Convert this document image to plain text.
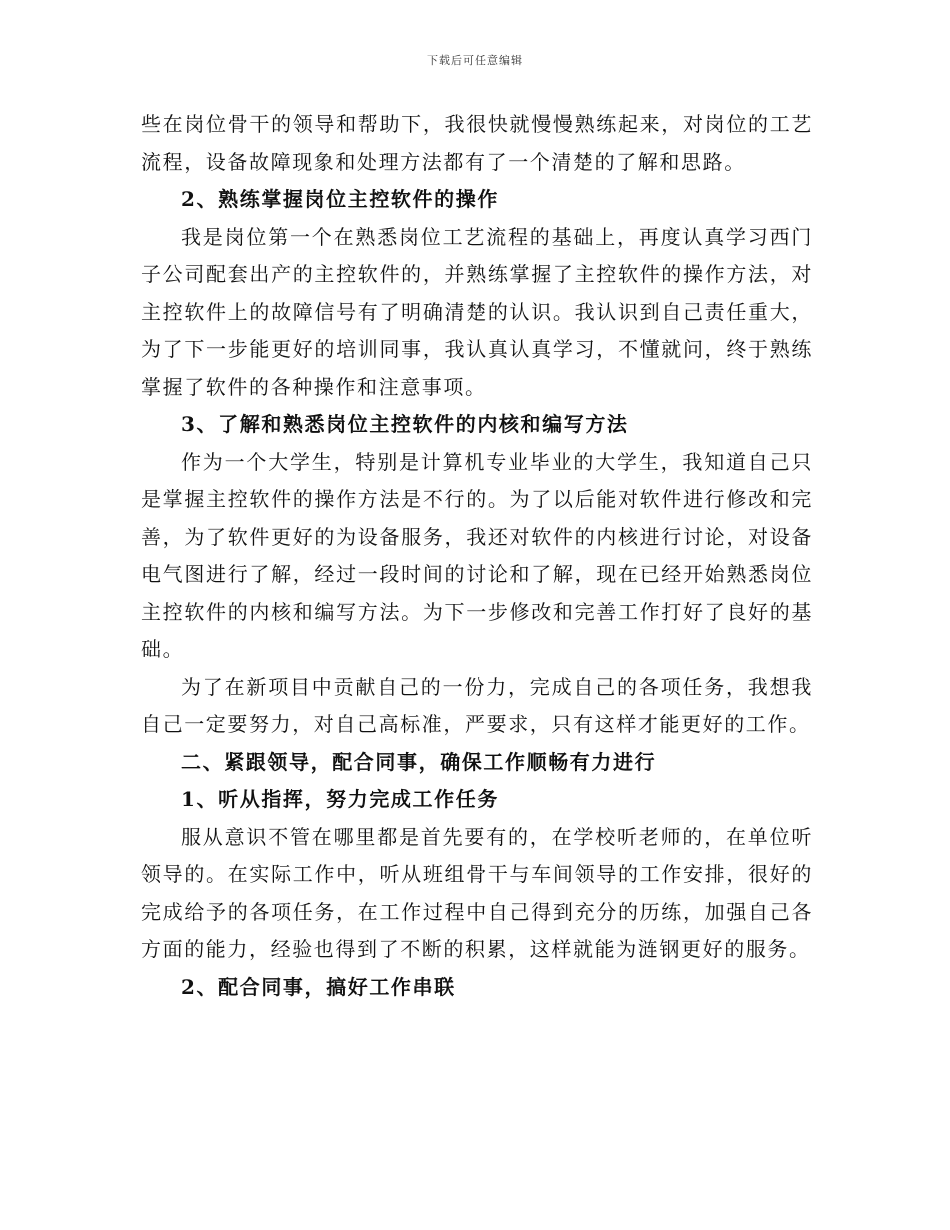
下载后可任意编辑

些在岗位骨干的领导和帮助下，我很快就慢慢熟练起来，对岗位的工艺流程，设备故障现象和处理方法都有了一个清楚的了解和思路。

2、熟练掌握岗位主控软件的操作

我是岗位第一个在熟悉岗位工艺流程的基础上，再度认真学习西门子公司配套出产的主控软件的，并熟练掌握了主控软件的操作方法，对主控软件上的故障信号有了明确清楚的认识。我认识到自己责任重大，为了下一步能更好的培训同事，我认真认真学习，不懂就问，终于熟练掌握了软件的各种操作和注意事项。

3、了解和熟悉岗位主控软件的内核和编写方法

作为一个大学生，特别是计算机专业毕业的大学生，我知道自己只是掌握主控软件的操作方法是不行的。为了以后能对软件进行修改和完善，为了软件更好的为设备服务，我还对软件的内核进行讨论，对设备电气图进行了解，经过一段时间的讨论和了解，现在已经开始熟悉岗位主控软件的内核和编写方法。为下一步修改和完善工作打好了良好的基础。

为了在新项目中贡献自己的一份力，完成自己的各项任务，我想我自己一定要努力，对自己高标准，严要求，只有这样才能更好的工作。

二、紧跟领导，配合同事，确保工作顺畅有力进行

1、听从指挥，努力完成工作任务

服从意识不管在哪里都是首先要有的，在学校听老师的，在单位听领导的。在实际工作中，听从班组骨干与车间领导的工作安排，很好的完成给予的各项任务，在工作过程中自己得到充分的历练，加强自己各方面的能力，经验也得到了不断的积累，这样就能为涟钢更好的服务。

2、配合同事，搞好工作串联
